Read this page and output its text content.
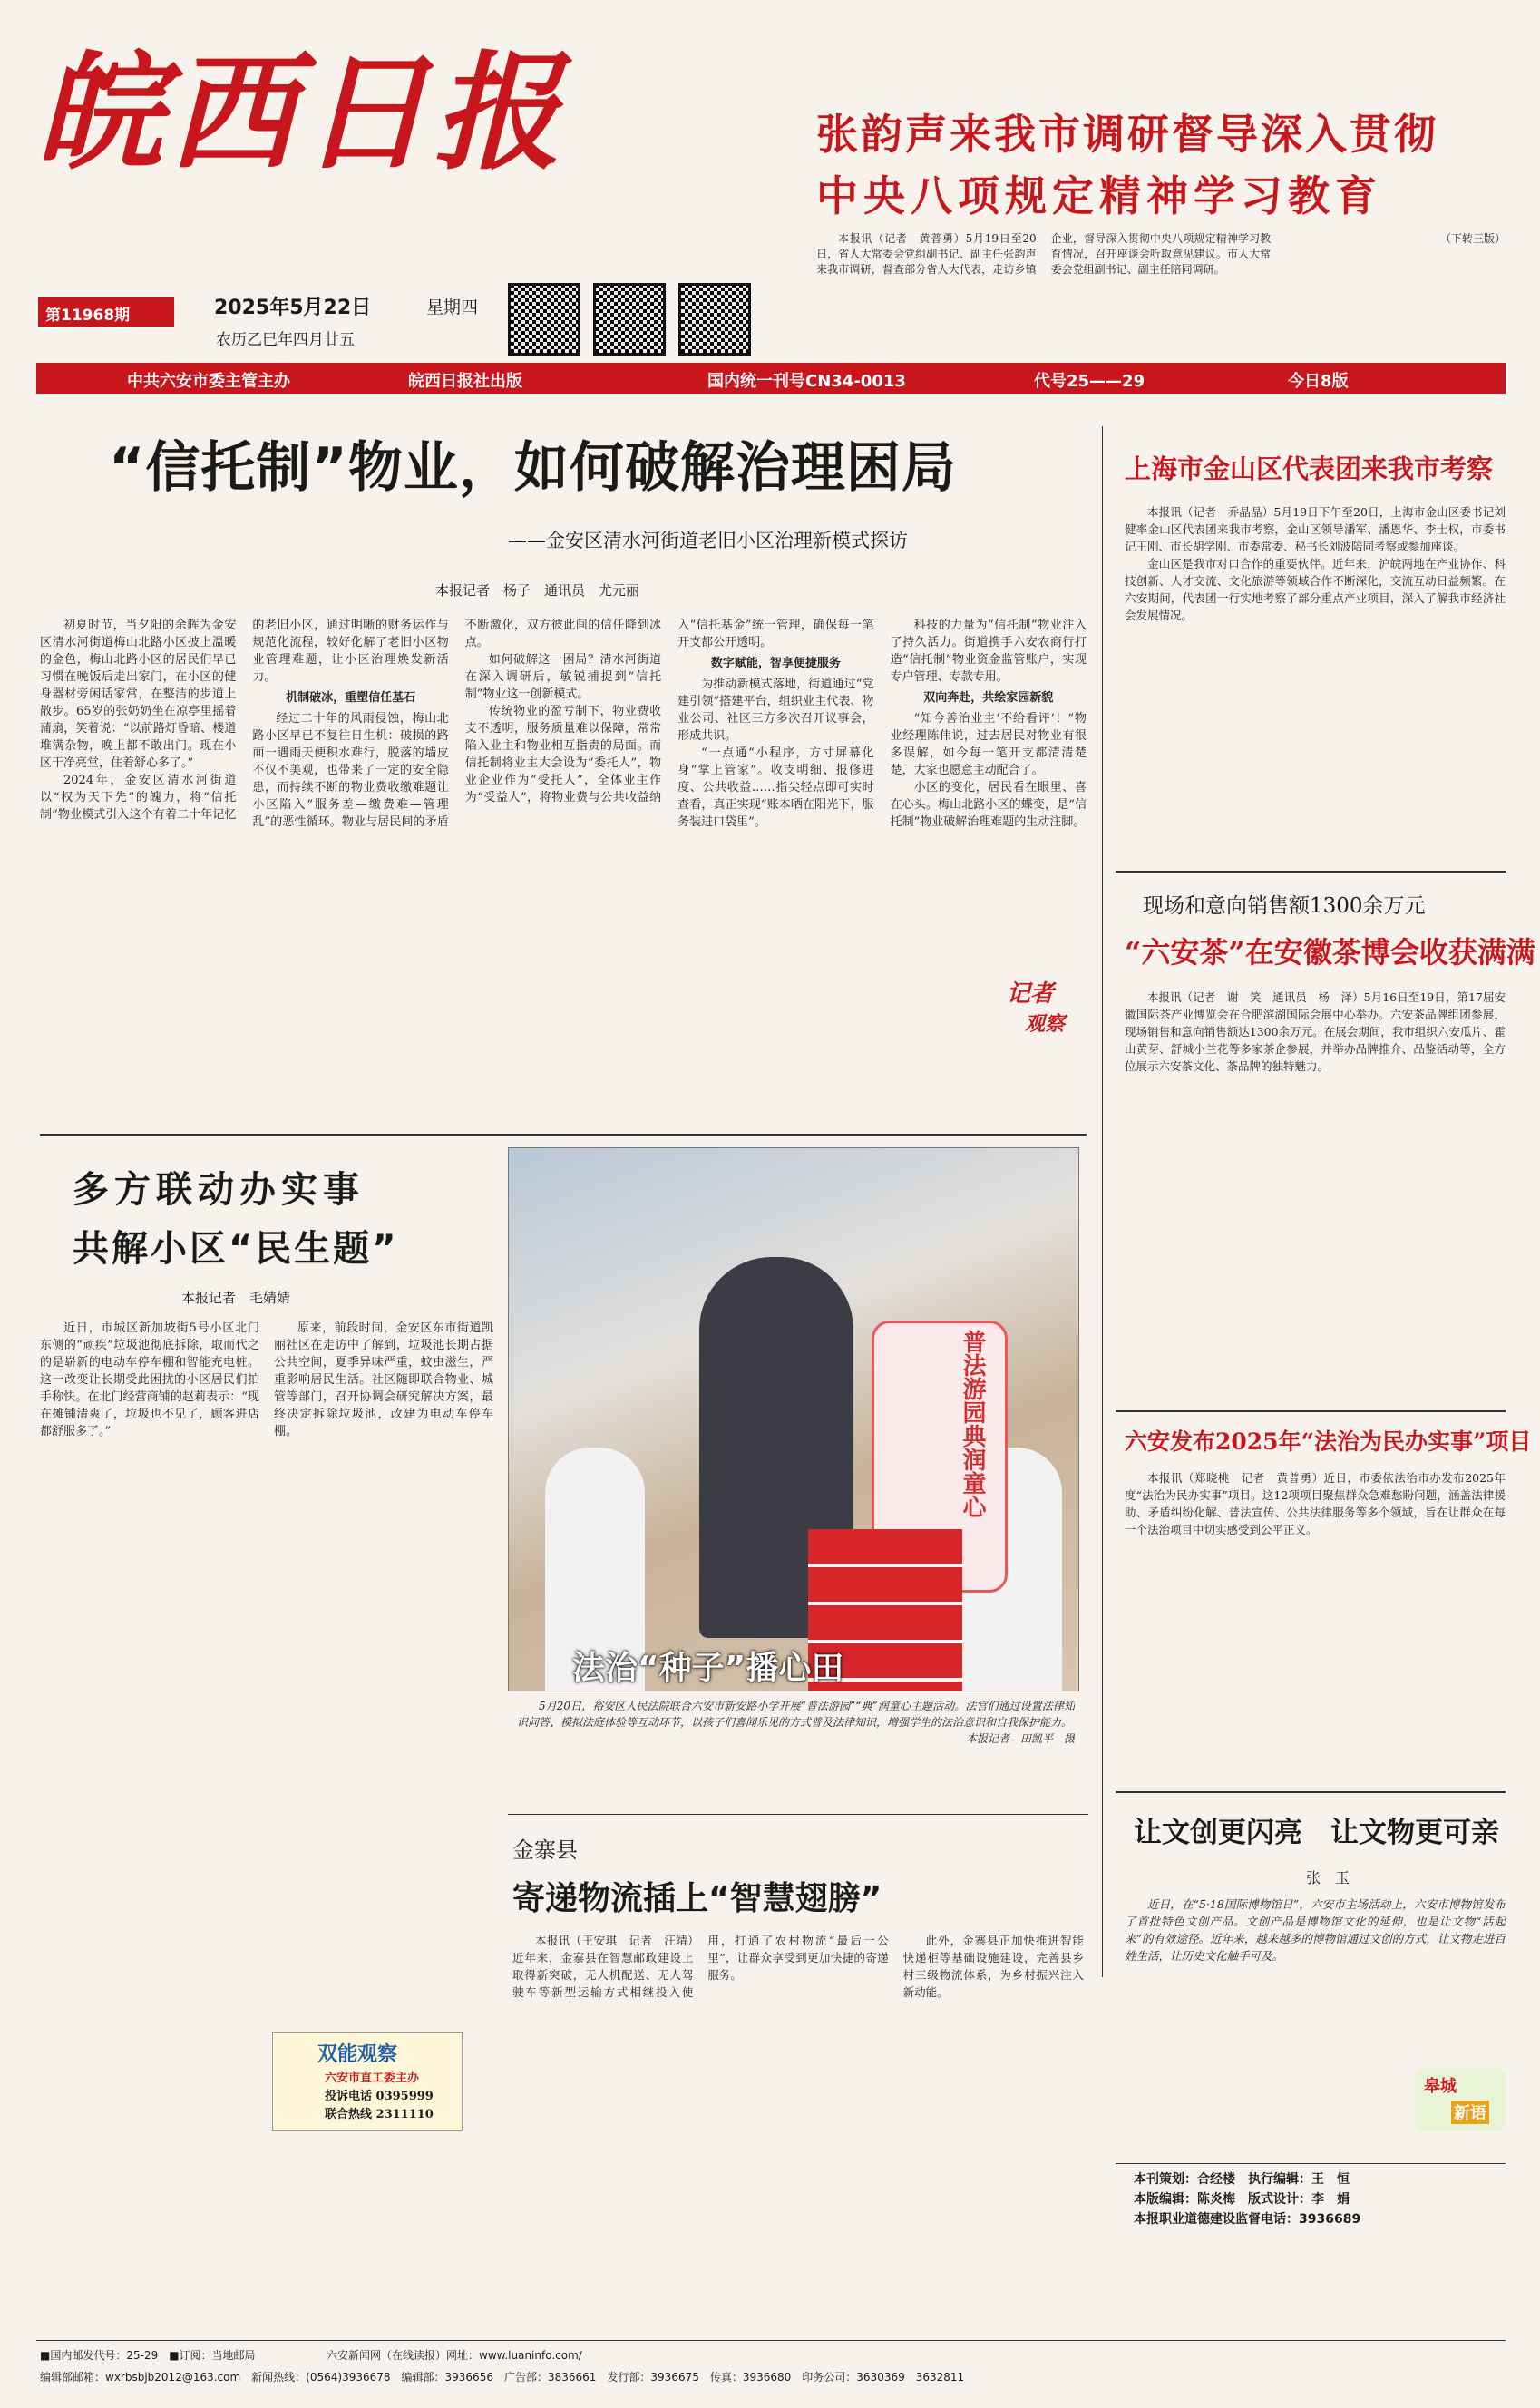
皖西日报
第11968期	2025年5月22日	星期四
农历乙巳年四月廿五
张韵声来我市调研督导深入贯彻
中央八项规定精神学习教育

本报讯（记者　黄普勇）5月19日至20日，省人大常委会党组副书记、副主任张韵声来我市调研，督查部分省人大代表，走访乡镇企业，督导深入贯彻中央八项规定精神学习教育情况，召开座谈会听取意见建议。市人大常委会党组副书记、副主任陪同调研。

（下转三版）

中共六安市委主管主办	皖西日报社出版	国内统一刊号CN34-0013	代号25——29	今日8版
“信托制”物业，如何破解治理困局
——金安区清水河街道老旧小区治理新模式探访
本报记者　杨子　通讯员　尤元丽

初夏时节，当夕阳的余晖为金安区清水河街道梅山北路小区披上温暖的金色，梅山北路小区的居民们早已习惯在晚饭后走出家门，在小区的健身器材旁闲话家常，在整洁的步道上散步。65岁的张奶奶坐在凉亭里摇着蒲扇，笑着说：“以前路灯昏暗、楼道堆满杂物，晚上都不敢出门。现在小区干净亮堂，住着舒心多了。”

2024年，金安区清水河街道以“权为天下先”的魄力，将“信托制”物业模式引入这个有着二十年记忆的老旧小区，通过明晰的财务运作与规范化流程，较好化解了老旧小区物业管理难题，让小区治理焕发新活力。

机制破冰，重塑信任基石

经过二十年的风雨侵蚀，梅山北路小区早已不复往日生机：破损的路面一遇雨天便积水难行，脱落的墙皮不仅不美观，也带来了一定的安全隐患，而持续不断的物业费收缴难题让小区陷入“服务差—缴费难—管理乱”的恶性循环。物业与居民间的矛盾不断激化，双方彼此间的信任降到冰点。

如何破解这一困局？清水河街道在深入调研后，敏锐捕捉到“信托制”物业这一创新模式。

传统物业的盈亏制下，物业费收支不透明，服务质量难以保障，常常陷入业主和物业相互指责的局面。而信托制将业主大会设为“委托人”，物业企业作为“受托人”，全体业主作为“受益人”，将物业费与公共收益纳入“信托基金”统一管理，确保每一笔开支都公开透明。

数字赋能，智享便捷服务

为推动新模式落地，街道通过“党建引领”搭建平台，组织业主代表、物业公司、社区三方多次召开议事会，形成共识。

“一点通”小程序，方寸屏幕化身“掌上管家”。收支明细、报修进度、公共收益……指尖轻点即可实时查看，真正实现“账本晒在阳光下，服务装进口袋里”。

科技的力量为“信托制”物业注入了持久活力。街道携手六安农商行打造“信托制”物业资金监管账户，实现专户管理、专款专用。

双向奔赴，共绘家园新貌

“知今善治业主‘不给看评’！”物业经理陈伟说，过去居民对物业有很多误解，如今每一笔开支都清清楚楚，大家也愿意主动配合了。

小区的变化，居民看在眼里、喜在心头。梅山北路小区的蝶变，是“信托制”物业破解治理难题的生动注脚。

记者
观察
上海市金山区代表团来我市考察

本报讯（记者　乔晶晶）5月19日下午至20日，上海市金山区委书记刘健率金山区代表团来我市考察，金山区领导潘军、潘恩华、李士权，市委书记王刚、市长胡学刚、市委常委、秘书长刘波陪同考察或参加座谈。

金山区是我市对口合作的重要伙伴。近年来，沪皖两地在产业协作、科技创新、人才交流、文化旅游等领域合作不断深化，交流互动日益频繁。在六安期间，代表团一行实地考察了部分重点产业项目，深入了解我市经济社会发展情况。

现场和意向销售额1300余万元
“六安茶”在安徽茶博会收获满满

本报讯（记者　谢　笑　通讯员　杨　泽）5月16日至19日，第17届安徽国际茶产业博览会在合肥滨湖国际会展中心举办。六安茶品牌组团参展，现场销售和意向销售额达1300余万元。在展会期间，我市组织六安瓜片、霍山黄芽、舒城小兰花等多家茶企参展，并举办品牌推介、品鉴活动等，全方位展示六安茶文化、茶品牌的独特魅力。

六安发布2025年“法治为民办实事”项目

本报讯（郑晓桃　记者　黄普勇）近日，市委依法治市办发布2025年度“法治为民办实事”项目。这12项项目聚焦群众急难愁盼问题，涵盖法律援助、矛盾纠纷化解、普法宣传、公共法律服务等多个领域，旨在让群众在每一个法治项目中切实感受到公平正义。

让文创更闪亮　让文物更可亲
张　玉

近日，在“5·18国际博物馆日”，六安市主场活动上，六安市博物馆发布了首批特色文创产品。文创产品是博物馆文化的延伸，也是让文物“活起来”的有效途径。近年来，越来越多的博物馆通过文创的方式，让文物走进百姓生活，让历史文化触手可及。

皋城
新语
本刊策划：合经楼　执行编辑：王　恒
本版编辑：陈炎梅　版式设计：李　娟
本报职业道德建设监督电话：3936689
多方联动办实事
共解小区“民生题”
本报记者　毛婧婧

近日，市城区新加坡街5号小区北门东侧的“顽疾”垃圾池彻底拆除，取而代之的是崭新的电动车停车棚和智能充电桩。这一改变让长期受此困扰的小区居民们拍手称快。在北门经营商铺的赵莉表示：“现在摊铺清爽了，垃圾也不见了，顾客进店都舒服多了。”

原来，前段时间，金安区东市街道凯丽社区在走访中了解到，垃圾池长期占据公共空间，夏季异味严重，蚊虫滋生，严重影响居民生活。社区随即联合物业、城管等部门，召开协调会研究解决方案，最终决定拆除垃圾池，改建为电动车停车棚。

双能观察
六安市直工委主办
投诉电话 0395999
联合热线 2311110
普法游园典润童心
法治“种子”播心田

5月20日，裕安区人民法院联合六安市新安路小学开展“普法游园”“典”润童心主题活动。法官们通过设置法律知识问答、模拟法庭体验等互动环节，以孩子们喜闻乐见的方式普及法律知识，增强学生的法治意识和自我保护能力。

本报记者　田凯平　摄

金寨县
寄递物流插上“智慧翅膀”

本报讯（王安琪　记者　汪靖）近年来，金寨县在智慧邮政建设上取得新突破，无人机配送、无人驾驶车等新型运输方式相继投入使用，打通了农村物流“最后一公里”，让群众享受到更加快捷的寄递服务。

此外，金寨县正加快推进智能快递柜等基础设施建设，完善县乡村三级物流体系，为乡村振兴注入新动能。

■国内邮发代号：25-29　■订阅：当地邮局	六安新闻网（在线读报）网址：www.luaninfo.com/
编辑部邮箱：wxrbsbjb2012@163.com　新闻热线：(0564)3936678　编辑部：3936656　广告部：3836661　发行部：3936675　传真：3936680　印务公司：3630369　3632811
